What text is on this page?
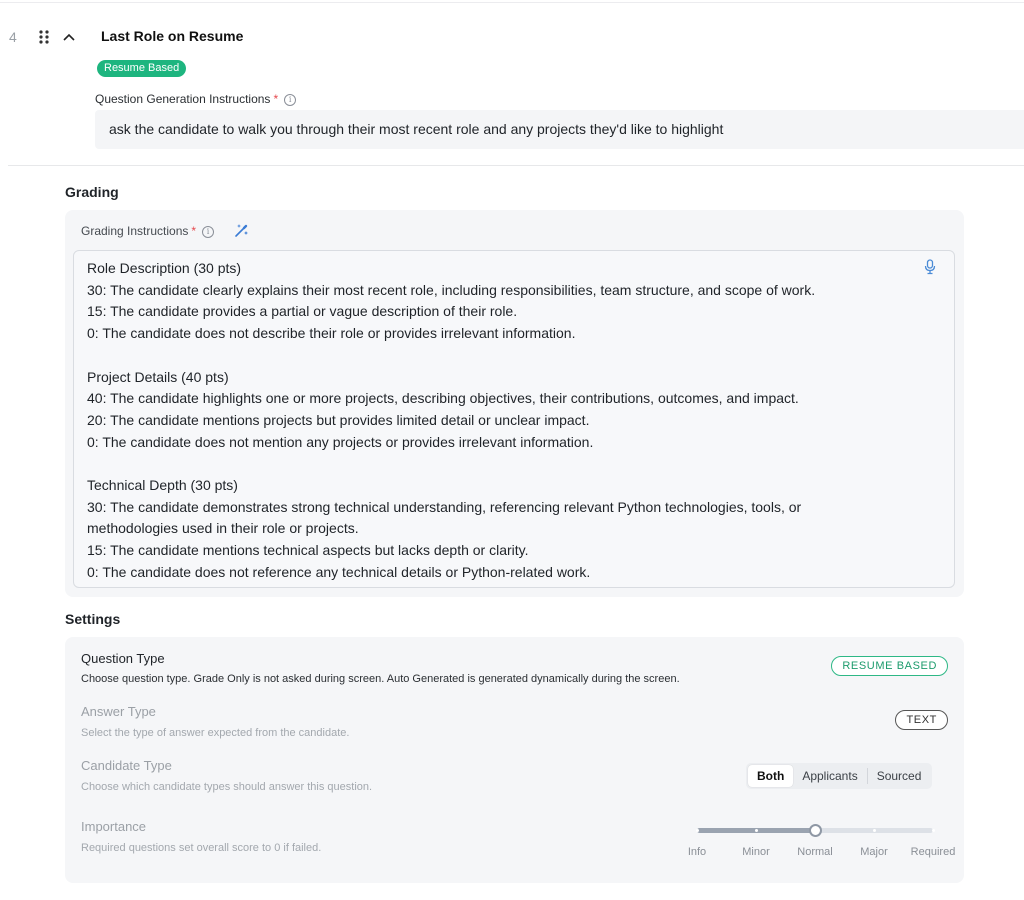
4	Last Role on Resume
Resume Based
Question Generation Instructions * i
ask the candidate to walk you through their most recent role and any projects they'd like to highlight
Grading
Grading Instructions * i
Role Description (30 pts)
30: The candidate clearly explains their most recent role, including responsibilities, team structure, and scope of work.
15: The candidate provides a partial or vague description of their role.
0: The candidate does not describe their role or provides irrelevant information.
Project Details (40 pts)
40: The candidate highlights one or more projects, describing objectives, their contributions, outcomes, and impact.
20: The candidate mentions projects but provides limited detail or unclear impact.
0: The candidate does not mention any projects or provides irrelevant information.
Technical Depth (30 pts)
30: The candidate demonstrates strong technical understanding, referencing relevant Python technologies, tools, or
methodologies used in their role or projects.
15: The candidate mentions technical aspects but lacks depth or clarity.
0: The candidate does not reference any technical details or Python-related work.
Settings
Question Type
Choose question type. Grade Only is not asked during screen. Auto Generated is generated dynamically during the screen.
RESUME BASED
Answer Type
Select the type of answer expected from the candidate.
TEXT
Candidate Type
Choose which candidate types should answer this question.
Both	Applicants	Sourced
Importance
Required questions set overall score to 0 if failed.	Info	Minor	Normal	Major	Required
